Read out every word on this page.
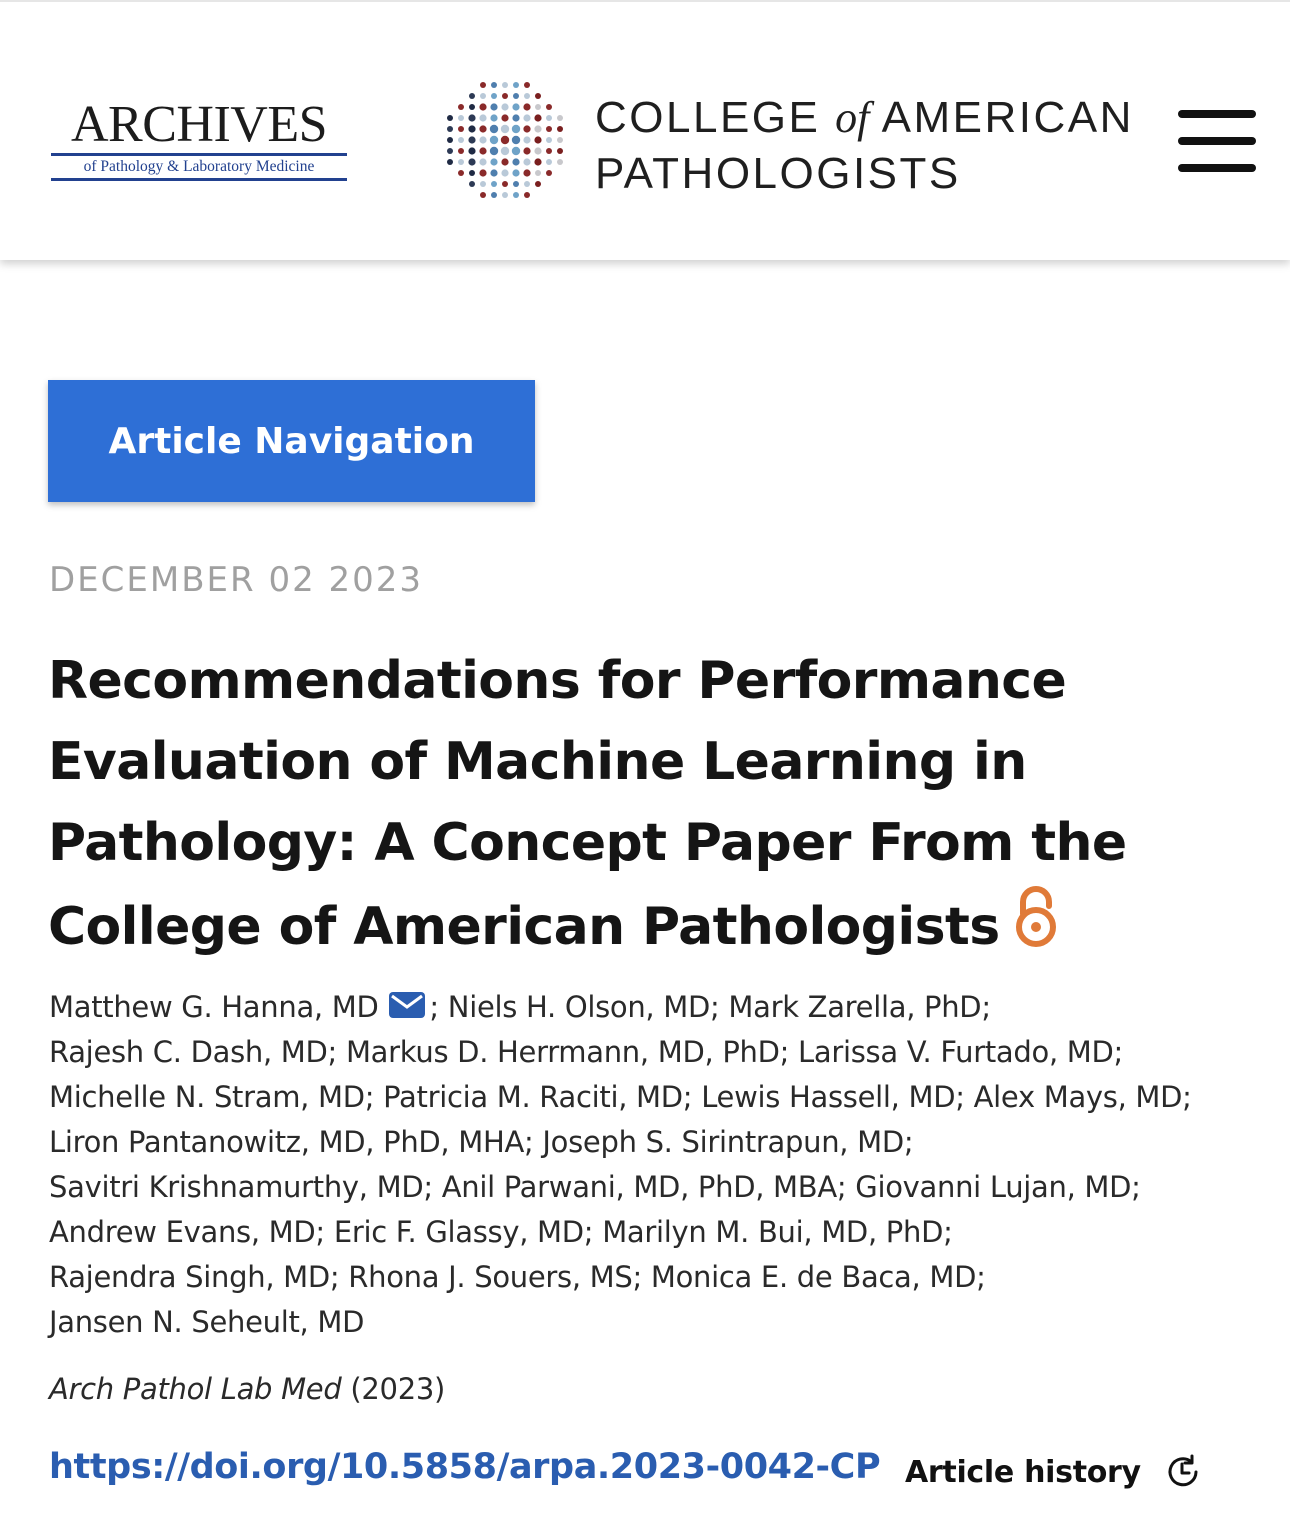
ARCHIVES
of Pathology & Laboratory Medicine
COLLEGE of AMERICAN
PATHOLOGISTS
Article Navigation
DECEMBER 02 2023
Recommendations for Performance
Evaluation of Machine Learning in
Pathology: A Concept Paper From the
College of American Pathologists
Matthew G. Hanna, MD ; Niels H. Olson, MD; Mark Zarella, PhD;
Rajesh C. Dash, MD; Markus D. Herrmann, MD, PhD; Larissa V. Furtado, MD;
Michelle N. Stram, MD; Patricia M. Raciti, MD; Lewis Hassell, MD; Alex Mays, MD;
Liron Pantanowitz, MD, PhD, MHA; Joseph S. Sirintrapun, MD;
Savitri Krishnamurthy, MD; Anil Parwani, MD, PhD, MBA; Giovanni Lujan, MD;
Andrew Evans, MD; Eric F. Glassy, MD; Marilyn M. Bui, MD, PhD;
Rajendra Singh, MD; Rhona J. Souers, MS; Monica E. de Baca, MD;
Jansen N. Seheult, MD
Arch Pathol Lab Med (2023)
https://doi.org/10.5858/arpa.2023-0042-CP Article history
